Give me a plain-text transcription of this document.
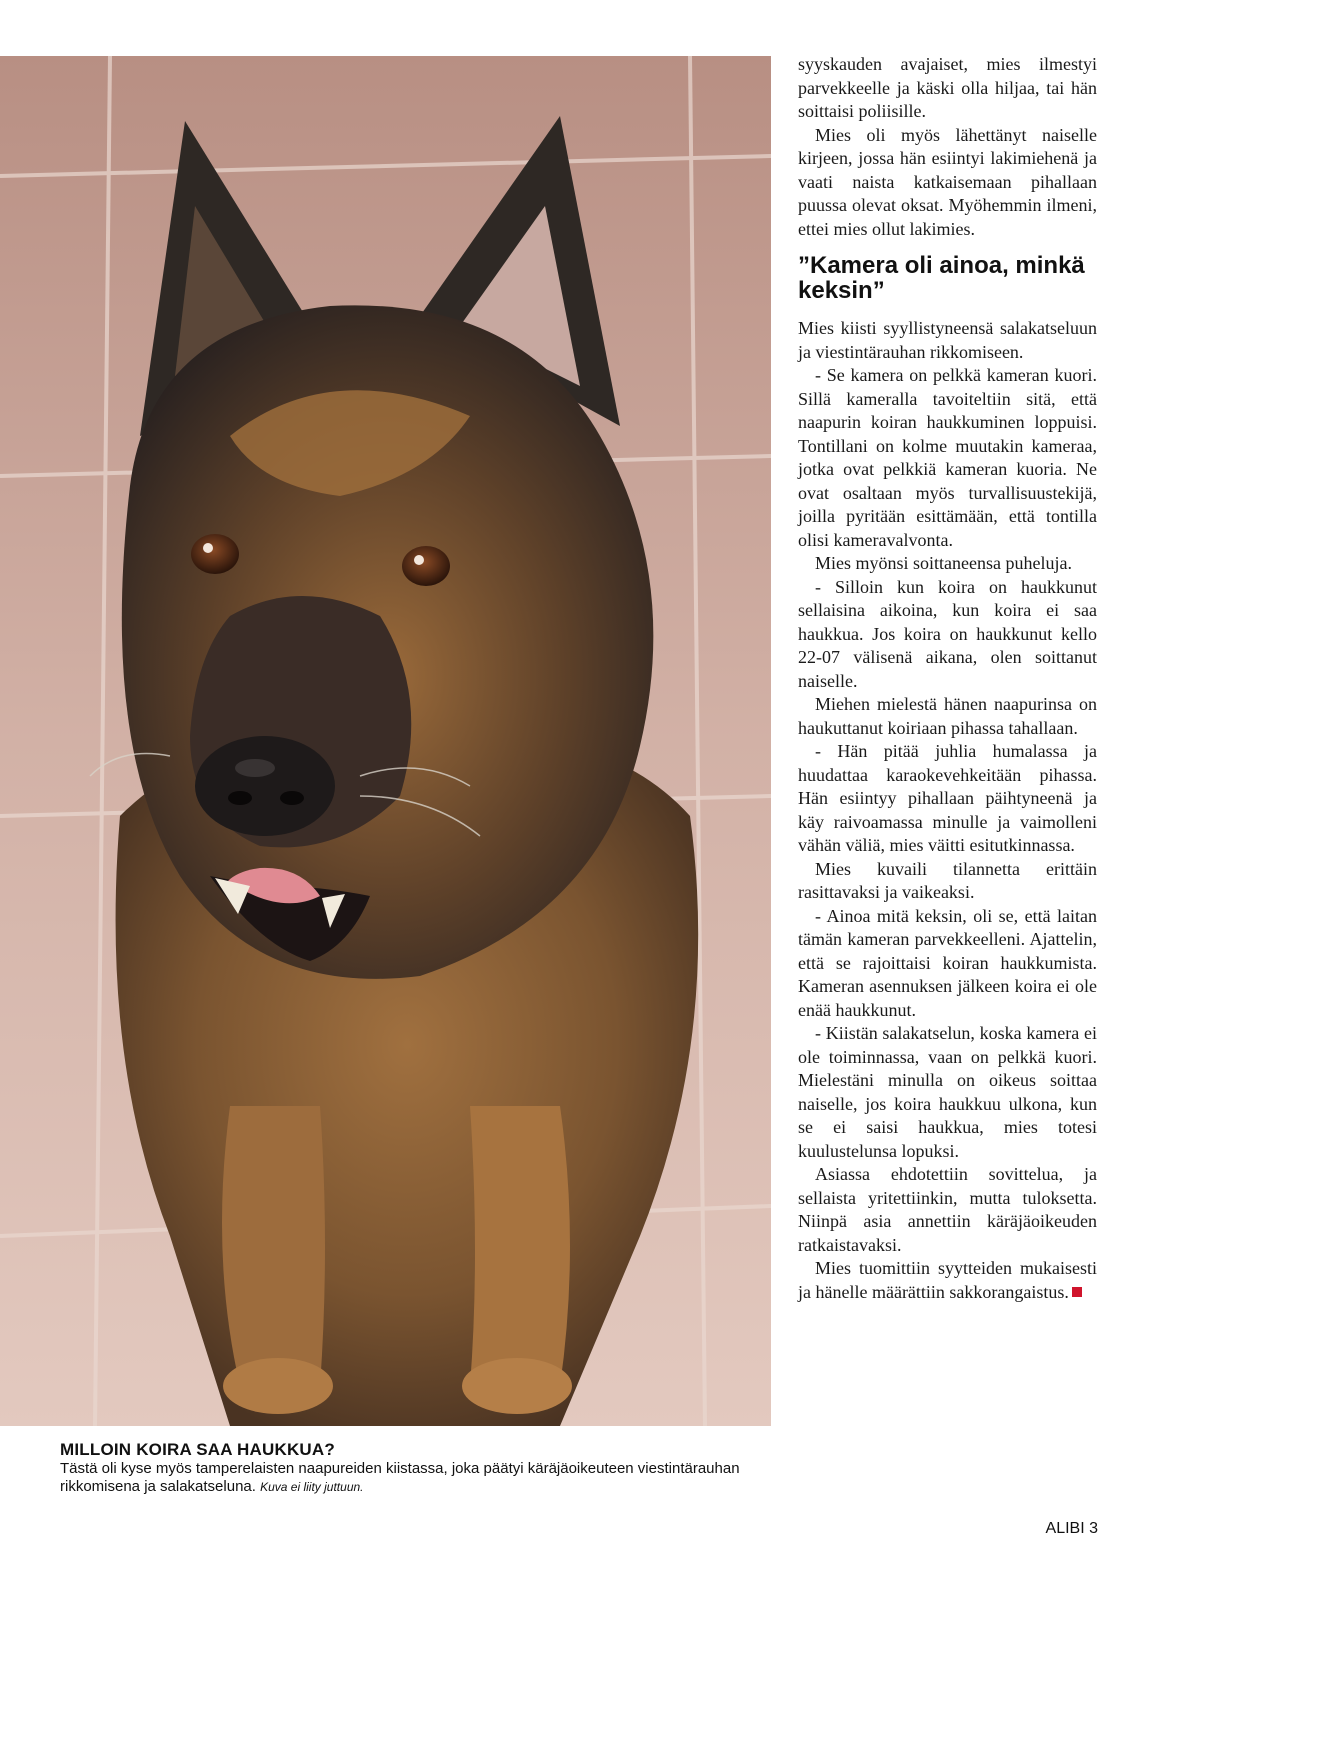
MILLOIN KOIRA SAA HAUKKUA?
Tästä oli kyse myös tamperelaisten naapureiden kiistassa, joka päätyi käräjäoikeuteen viestintärauhan rikkomisena ja salakatseluna. Kuva ei liity juttuun.

syyskauden avajaiset, mies ilmestyi parvekkeelle ja käski olla hiljaa, tai hän soittaisi poliisille.

Mies oli myös lähettänyt naiselle kirjeen, jossa hän esiintyi lakimiehenä ja vaati naista katkaisemaan pihallaan puussa olevat oksat. Myöhemmin ilmeni, ettei mies ollut lakimies.

”Kamera oli ainoa, minkä keksin”

Mies kiisti syyllistyneensä salakatseluun ja viestintärauhan rikkomiseen.

- Se kamera on pelkkä kameran kuori. Sillä kameralla tavoiteltiin sitä, että naapurin koiran haukkuminen loppuisi. Tontillani on kolme muutakin kameraa, jotka ovat pelkkiä kameran kuoria. Ne ovat osaltaan myös turvallisuustekijä, joilla pyritään esittämään, että tontilla olisi kameravalvonta.

Mies myönsi soittaneensa puheluja.

- Silloin kun koira on haukkunut sellaisina aikoina, kun koira ei saa haukkua. Jos koira on haukkunut kello 22-07 välisenä aikana, olen soittanut naiselle.

Miehen mielestä hänen naapurinsa on haukuttanut koiriaan pihassa tahallaan.

- Hän pitää juhlia humalassa ja huudattaa karaokevehkeitään pihassa. Hän esiintyy pihallaan päihtyneenä ja käy raivoamassa minulle ja vaimolleni vähän väliä, mies väitti esitutkinnassa.

Mies kuvaili tilannetta erittäin rasittavaksi ja vaikeaksi.

- Ainoa mitä keksin, oli se, että laitan tämän kameran parvekkeelleni. Ajattelin, että se rajoittaisi koiran haukkumista. Kameran asennuksen jälkeen koira ei ole enää haukkunut.

- Kiistän salakatselun, koska kamera ei ole toiminnassa, vaan on pelkkä kuori. Mielestäni minulla on oikeus soittaa naiselle, jos koira haukkuu ulkona, kun se ei saisi haukkua, mies totesi kuulustelunsa lopuksi.

Asiassa ehdotettiin sovittelua, ja sellaista yritettiinkin, mutta tuloksetta. Niinpä asia annettiin käräjäoikeuden ratkaistavaksi.

Mies tuomittiin syytteiden mukaisesti ja hänelle määrättiin sakkorangaistus.

ALIBI 3
